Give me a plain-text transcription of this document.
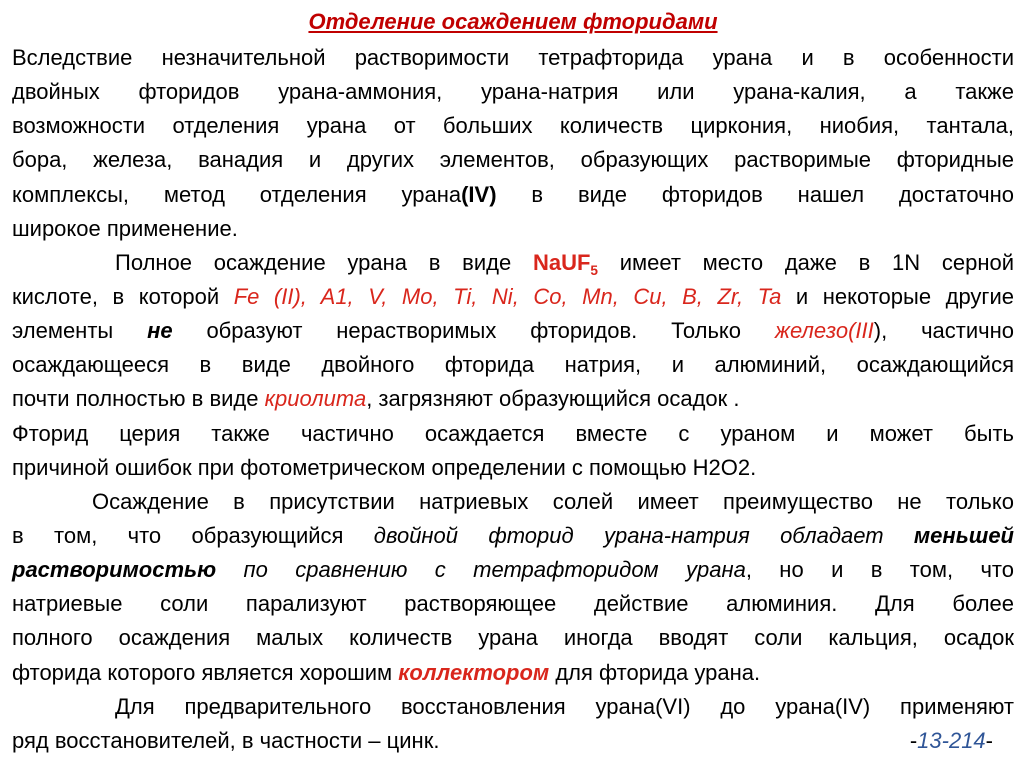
Отделение осаждением фторидами
Вследствие незначительной растворимости тетрафторида урана и в особенности
двойных фторидов урана-аммония, урана-натрия или урана-калия, а также
возможности отделения урана от больших количеств циркония, ниобия, тантала,
бора, железа, ванадия и других элементов, образующих растворимые фторидные
комплексы, метод отделения урана(IV) в виде фторидов нашел достаточно
широкое применение.
Полное осаждение урана в виде NaUF$_5$ имеет место даже в 1N серной
кислоте, в которой Fe (II), A1, V, Mo, Ti, Ni, Co, Mn, Cu, B, Zr, Ta и некоторые другие
элементы не образуют нерастворимых фторидов. Только железо(III), частично
осаждающееся в виде двойного фторида натрия, и алюминий, осаждающийся
почти полностью в виде криолита, загрязняют образующийся осадок .
Фторид церия также частично осаждается вместе с ураном и может быть
причиной ошибок при фотометрическом определении с помощью Н2О2.
Осаждение в присутствии натриевых солей имеет преимущество не только
в том, что образующийся двойной фторид урана-натрия обладает меньшей
растворимостью по сравнению с тетрафторидом урана, но и в том, что
натриевые соли парализуют растворяющее действие алюминия. Для более
полного осаждения малых количеств урана иногда вводят соли кальция, осадок
фторида которого является хорошим коллектором для фторида урана.
Для предварительного восстановления урана(VI) до урана(IV) применяют
ряд восстановителей, в частности – цинк.	-13-214-
